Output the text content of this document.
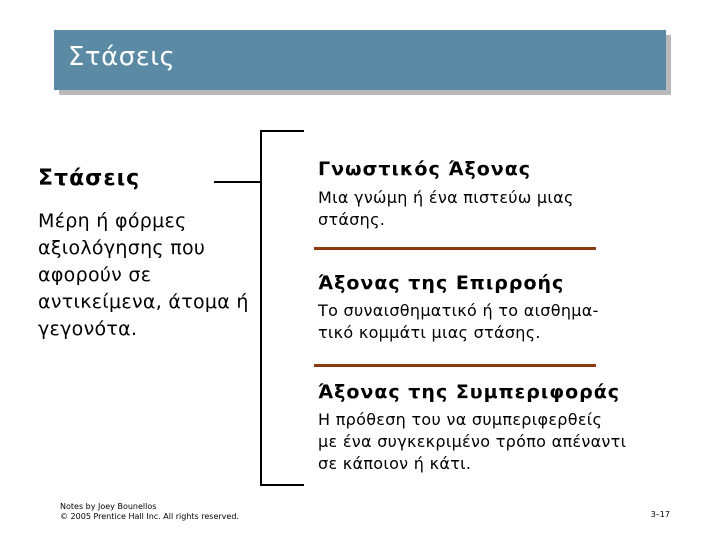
Στάσεις
Στάσεις
Μέρη ή φόρμες αξιολόγησης που αφορούν σε αντικείμενα, άτομα ή γεγονότα.
Γνωστικός Άξονας
Μια γνώμη ή ένα πιστεύω μιας
στάσης.
Άξονας της Επιρροής
Το συναισθηματικό ή το αισθημα-
τικό κομμάτι μιας στάσης.
Άξονας της Συμπεριφοράς
Η πρόθεση του να συμπεριφερθείς
με ένα συγκεκριμένο τρόπο απέναντι
σε κάποιον ή κάτι.
Notes by Joey Bounellos
© 2005 Prentice Hall Inc. All rights reserved.	3–17
